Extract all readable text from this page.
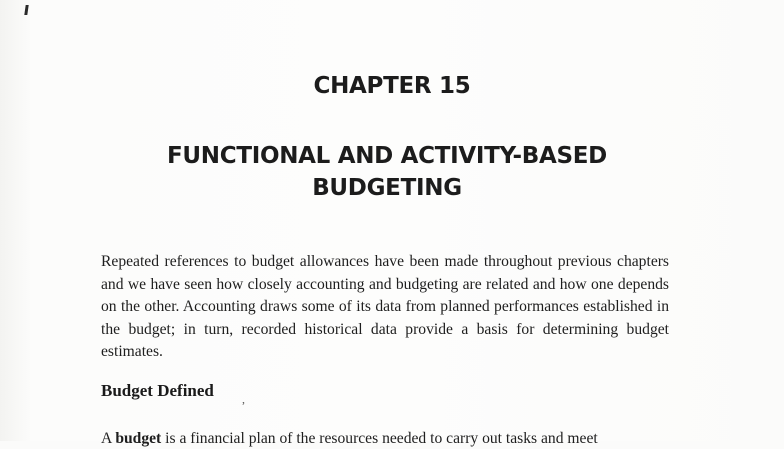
CHAPTER 15
FUNCTIONAL AND ACTIVITY-BASED BUDGETING

Repeated references to budget allowances have been made throughout previous chapters and we have seen how closely accounting and budgeting are related and how one depends on the other. Accounting draws some of its data from planned performances established in the budget; in turn, recorded historical data provide a basis for determining budget estimates.

Budget Defined ,

A budget is a financial plan of the resources needed to carry out tasks and meet
